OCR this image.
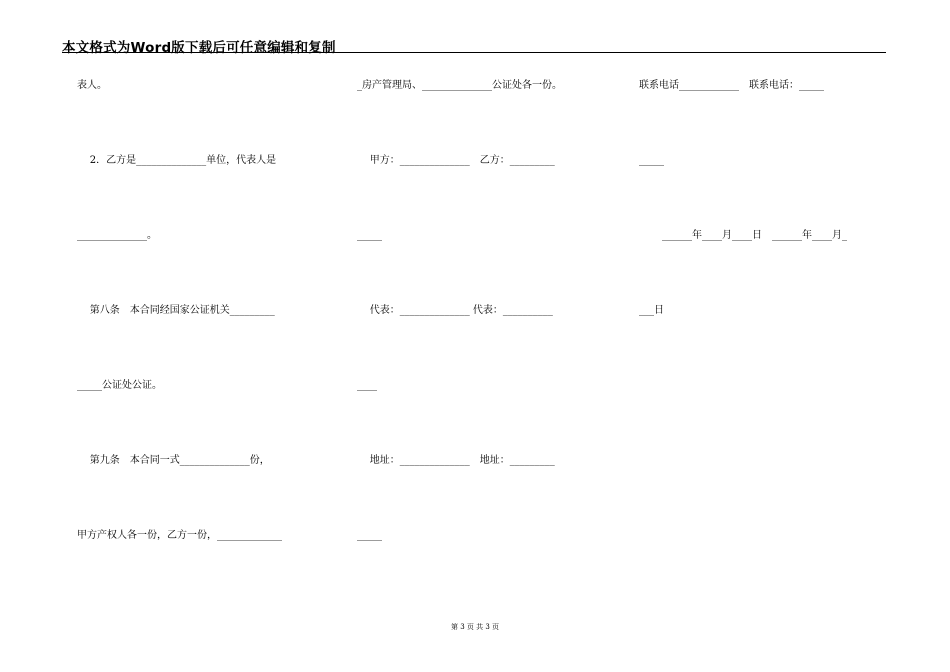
本文格式为Word版下载后可任意编辑和复制
表人。
2．乙方是______________单位，代表人是
______________。
第八条　本合同经国家公证机关_________
_____公证处公证。
第九条　本合同一式______________份，
甲方产权人各一份，乙方一份，_____________
_房产管理局、______________公证处各一份。
甲方：______________　乙方：_________
_____
代表：______________ 代表：__________
____
地址：______________　地址：_________
_____
联系电话____________　联系电话：_____
_____
______年____月____日　______年____月_
___日
第 3 页 共 3 页
